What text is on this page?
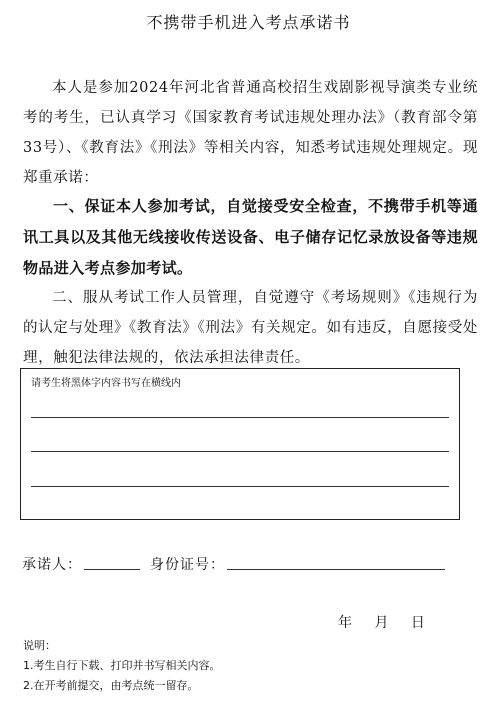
不携带手机进入考点承诺书

本人是参加2024年河北省普通高校招生戏剧影视导演类专业统考的考生，已认真学习《国家教育考试违规处理办法》（教育部令第33号）、《教育法》《刑法》等相关内容，知悉考试违规处理规定。现郑重承诺：

一、保证本人参加考试，自觉接受安全检查，不携带手机等通讯工具以及其他无线接收传送设备、电子储存记忆录放设备等违规物品进入考点参加考试。

二、服从考试工作人员管理，自觉遵守《考场规则》《违规行为的认定与处理》《教育法》《刑法》有关规定。如有违反，自愿接受处理，触犯法律法规的，依法承担法律责任。

请考生将黑体字内容书写在横线内
承诺人：	身份证号：
年 月 日
说明：
1.考生自行下载、打印并书写相关内容。
2.在开考前提交，由考点统一留存。
